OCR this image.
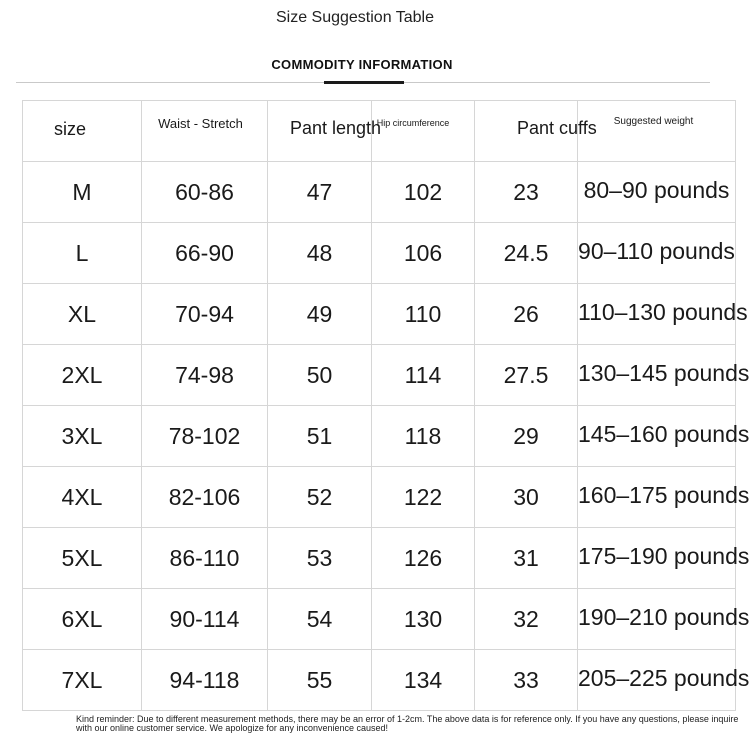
Size Suggestion Table
COMMODITY INFORMATION
size	Waist - Stretch	Pant length	Hip circumference	Pant cuffs	Suggested weight

M	60-86	47	102	23	80–90 pounds

L	66-90	48	106	24.5	90–110 pounds

XL	70-94	49	110	26	110–130 pounds

2XL	74-98	50	114	27.5	130–145 pounds

3XL	78-102	51	118	29	145–160 pounds

4XL	82-106	52	122	30	160–175 pounds

5XL	86-110	53	126	31	175–190 pounds

6XL	90-114	54	130	32	190–210 pounds

7XL	94-118	55	134	33	205–225 pounds
Kind reminder: Due to different measurement methods, there may be an error of 1-2cm. The above data is for reference only. If you have any questions, please inquire with our online customer service. We apologize for any inconvenience caused!
